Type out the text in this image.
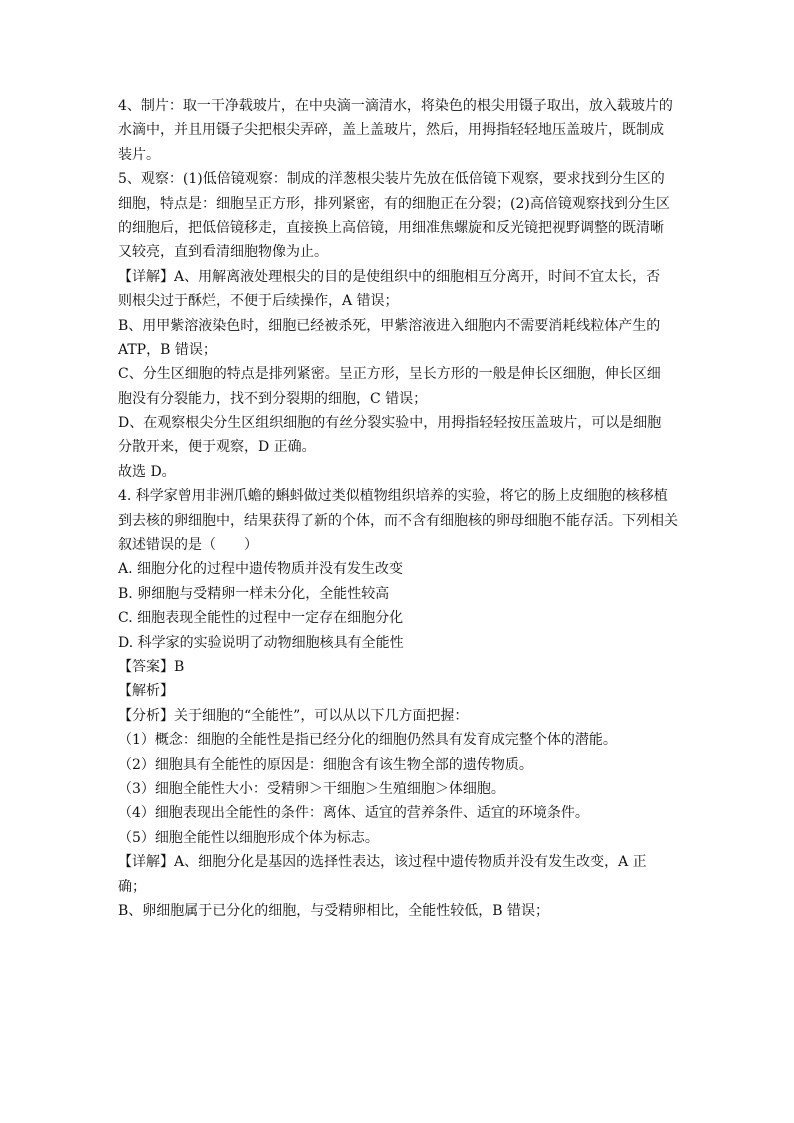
4、制片：取一干净载玻片，在中央滴一滴清水，将染色的根尖用镊子取出，放入载玻片的
水滴中，并且用镊子尖把根尖弄碎，盖上盖玻片，然后，用拇指轻轻地压盖玻片，既制成
装片。
5、观察：(1)低倍镜观察：制成的洋葱根尖装片先放在低倍镜下观察，要求找到分生区的
细胞，特点是：细胞呈正方形，排列紧密，有的细胞正在分裂；(2)高倍镜观察找到分生区
的细胞后，把低倍镜移走，直接换上高倍镜，用细准焦螺旋和反光镜把视野调整的既清晰
又较亮，直到看清细胞物像为止。
【详解】A、用解离液处理根尖的目的是使组织中的细胞相互分离开，时间不宜太长，否
则根尖过于酥烂，不便于后续操作，A 错误；
B、用甲紫溶液染色时，细胞已经被杀死，甲紫溶液进入细胞内不需要消耗线粒体产生的
ATP，B 错误；
C、分生区细胞的特点是排列紧密。呈正方形，呈长方形的一般是伸长区细胞，伸长区细
胞没有分裂能力，找不到分裂期的细胞，C 错误；
D、在观察根尖分生区组织细胞的有丝分裂实验中，用拇指轻轻按压盖玻片，可以是细胞
分散开来，便于观察，D 正确。
故选 D。
4. 科学家曾用非洲爪蟾的蝌蚪做过类似植物组织培养的实验，将它的肠上皮细胞的核移植
到去核的卵细胞中，结果获得了新的个体，而不含有细胞核的卵母细胞不能存活。下列相关
叙述错误的是（　　）
A. 细胞分化的过程中遗传物质并没有发生改变
B. 卵细胞与受精卵一样未分化，全能性较高
C. 细胞表现全能性的过程中一定存在细胞分化
D. 科学家的实验说明了动物细胞核具有全能性
【答案】B
【解析】
【分析】关于细胞的“全能性”，可以从以下几方面把握：
（1）概念：细胞的全能性是指已经分化的细胞仍然具有发育成完整个体的潜能。
（2）细胞具有全能性的原因是：细胞含有该生物全部的遗传物质。
（3）细胞全能性大小：受精卵＞干细胞＞生殖细胞＞体细胞。
（4）细胞表现出全能性的条件：离体、适宜的营养条件、适宜的环境条件。
（5）细胞全能性以细胞形成个体为标志。
【详解】A、细胞分化是基因的选择性表达，该过程中遗传物质并没有发生改变，A 正
确；
B、卵细胞属于已分化的细胞，与受精卵相比，全能性较低，B 错误；
